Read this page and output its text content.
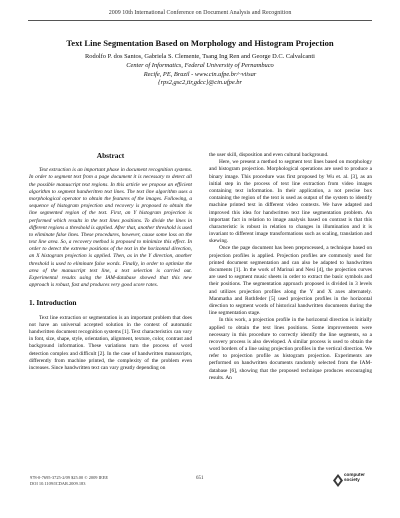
2009 10th International Conference on Document Analysis and Recognition
Text Line Segmentation Based on Morphology and Histogram Projection
Rodolfo P. dos Santos, Gabriela S. Clemente, Tsang Ing Ren and George D.C. Calvalcanti
Center of Informatics, Federal University of Pernambuco
Recife, PE, Brazil - www.cin.ufpe.br/~viisar
{rps2,gsc2,tir,gdcc}@cin.ufpe.br
Abstract

Text extraction is an important phase in document recognition systems. In order to segment text from a page document it is necessary to detect all the possible manuscript text regions. In this article we propose an efficient algorithm to segment handwritten text lines. The text line algorithm uses a morphological operator to obtain the features of the images. Following, a sequence of histogram projection and recovery is proposed to obtain the line segmented region of the text. First, an Y histogram projection is performed which results in the text lines positions. To divide the lines in different regions a threshold is applied. After that, another threshold is used to eliminate false lines. These procedures, however, cause some loss on the text line area. So, a recovery method is proposed to minimize this effect. In order to detect the extreme positions of the text in the horizontal direction, an X histogram projection is applied. Then, as in the Y direction, another threshold is used to eliminate false words. Finally, in order to optimize the area of the manuscript text line, a text selection is carried out. Experimental results using the IAM-database showed that this new approach is robust, fast and produces very good score rates.

1. Introduction

Text line extraction or segmentation is an important problem that does not have an universal accepted solution in the context of automatic handwritten document recognition systems [1]. Text characteristics can vary in font, size, shape, style, orientation, alignment, texture, color, contrast and background information. These variations turn the process of word detection complex and difficult [2]. In the case of handwritten manuscripts, differently from machine printed, the complexity of the problem even increases. Since handwritten text can vary greatly depending on

the user skill, disposition and even cultural background.

Here, we present a method to segment text lines based on morphology and histogram projection. Morphological operations are used to produce a binary image. This procedure was first proposed by Wu et. al. [3], as an initial step in the process of text line extraction from video images containing text information. In their application, a not precise box containing the region of the text is used as output of the system to identify machine printed text in different video contexts. We have adapted and improved this idea for handwritten text line segmentation problem. An important fact in relation to image analysis based on contrast is that this characteristic is robust in relation to changes in illumination and it is invariant to different image transformations such as scaling, translation and skewing.

Once the page document has been preprocessed, a technique based on projection profiles is applied. Projection profiles are commonly used for printed document segmentation and can also be adapted to handwritten documents [1]. In the work of Marinai and Nesi [4], the projection curves are used to segment music sheets in order to extract the basic symbols and their positions. The segmentation approach proposed is divided in 3 levels and utilizes projection profiles along the Y and X axes alternately. Manmatha and Rothfeder [5] used projection profiles in the horizontal direction to segment words of historical handwritten documents during the line segmentation stage.

In this work, a projection profile in the horizontal direction is initially applied to obtain the text lines positions. Some improvements were necessary in this procedure to correctly identify the line segments, so a recovery process is also developed. A similar process is used to obtain the word borders of a line using projection profiles in the vertical direction. We refer to projection profile as histogram projection. Experiments are performed on handwritten documents randomly selected from the IAM-database [6], showing that the proposed technique produces encouraging results. An

978-0-7695-3725-2/09 $25.00 © 2009 IEEE
DOI 10.1109/ICDAR.2009.183
651
computer
society
